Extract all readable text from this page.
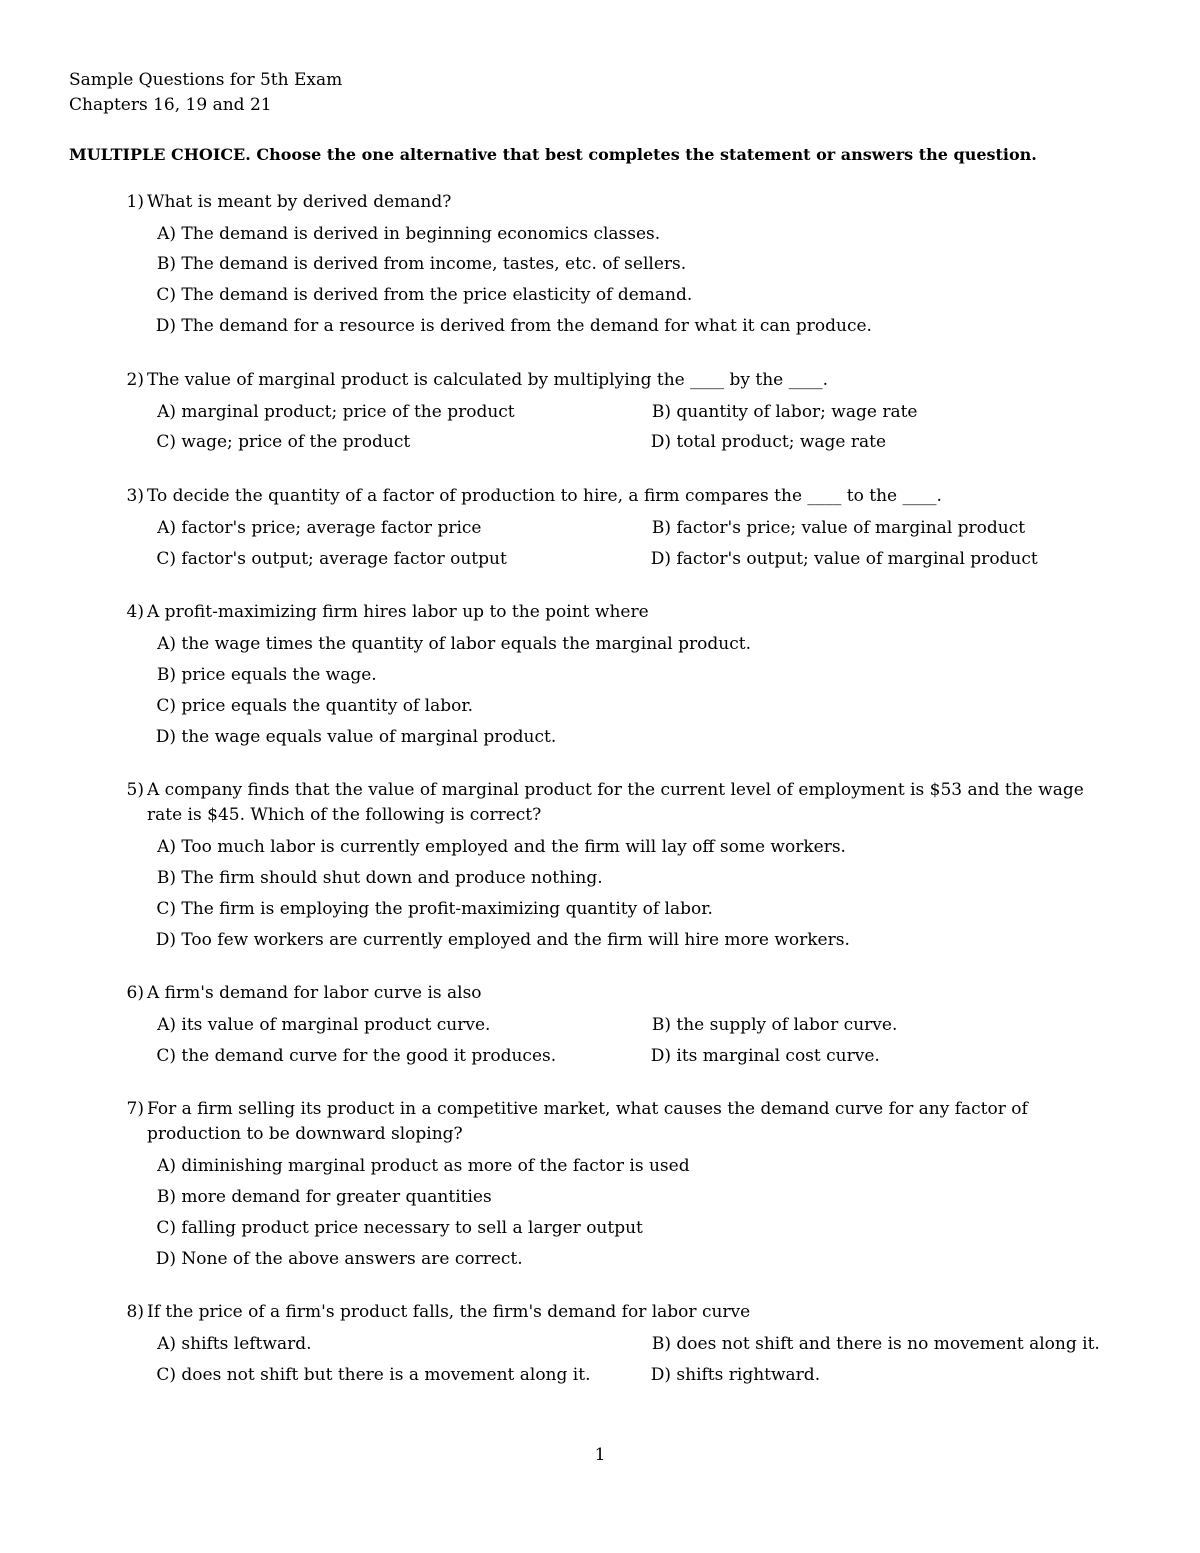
Sample Questions for 5th Exam
Chapters 16, 19 and 21
MULTIPLE CHOICE. Choose the one alternative that best completes the statement or answers the question.
1) What is meant by derived demand?
A) The demand is derived in beginning economics classes.
B) The demand is derived from income, tastes, etc. of sellers.
C) The demand is derived from the price elasticity of demand.
D) The demand for a resource is derived from the demand for what it can produce.
2) The value of marginal product is calculated by multiplying the ____ by the ____.
A) marginal product; price of the product	B) quantity of labor; wage rate
C) wage; price of the product	D) total product; wage rate
3) To decide the quantity of a factor of production to hire, a firm compares the ____ to the ____.
A) factor's price; average factor price	B) factor's price; value of marginal product
C) factor's output; average factor output	D) factor's output; value of marginal product
4) A profit-maximizing firm hires labor up to the point where
A) the wage times the quantity of labor equals the marginal product.
B) price equals the wage.
C) price equals the quantity of labor.
D) the wage equals value of marginal product.
5) A company finds that the value of marginal product for the current level of employment is $53 and the wage rate is $45. Which of the following is correct?
A) Too much labor is currently employed and the firm will lay off some workers.
B) The firm should shut down and produce nothing.
C) The firm is employing the profit-maximizing quantity of labor.
D) Too few workers are currently employed and the firm will hire more workers.
6) A firm's demand for labor curve is also
A) its value of marginal product curve.	B) the supply of labor curve.
C) the demand curve for the good it produces.	D) its marginal cost curve.
7) For a firm selling its product in a competitive market, what causes the demand curve for any factor of production to be downward sloping?
A) diminishing marginal product as more of the factor is used
B) more demand for greater quantities
C) falling product price necessary to sell a larger output
D) None of the above answers are correct.
8) If the price of a firm's product falls, the firm's demand for labor curve
A) shifts leftward.	B) does not shift and there is no movement along it.
C) does not shift but there is a movement along it.	D) shifts rightward.
1
